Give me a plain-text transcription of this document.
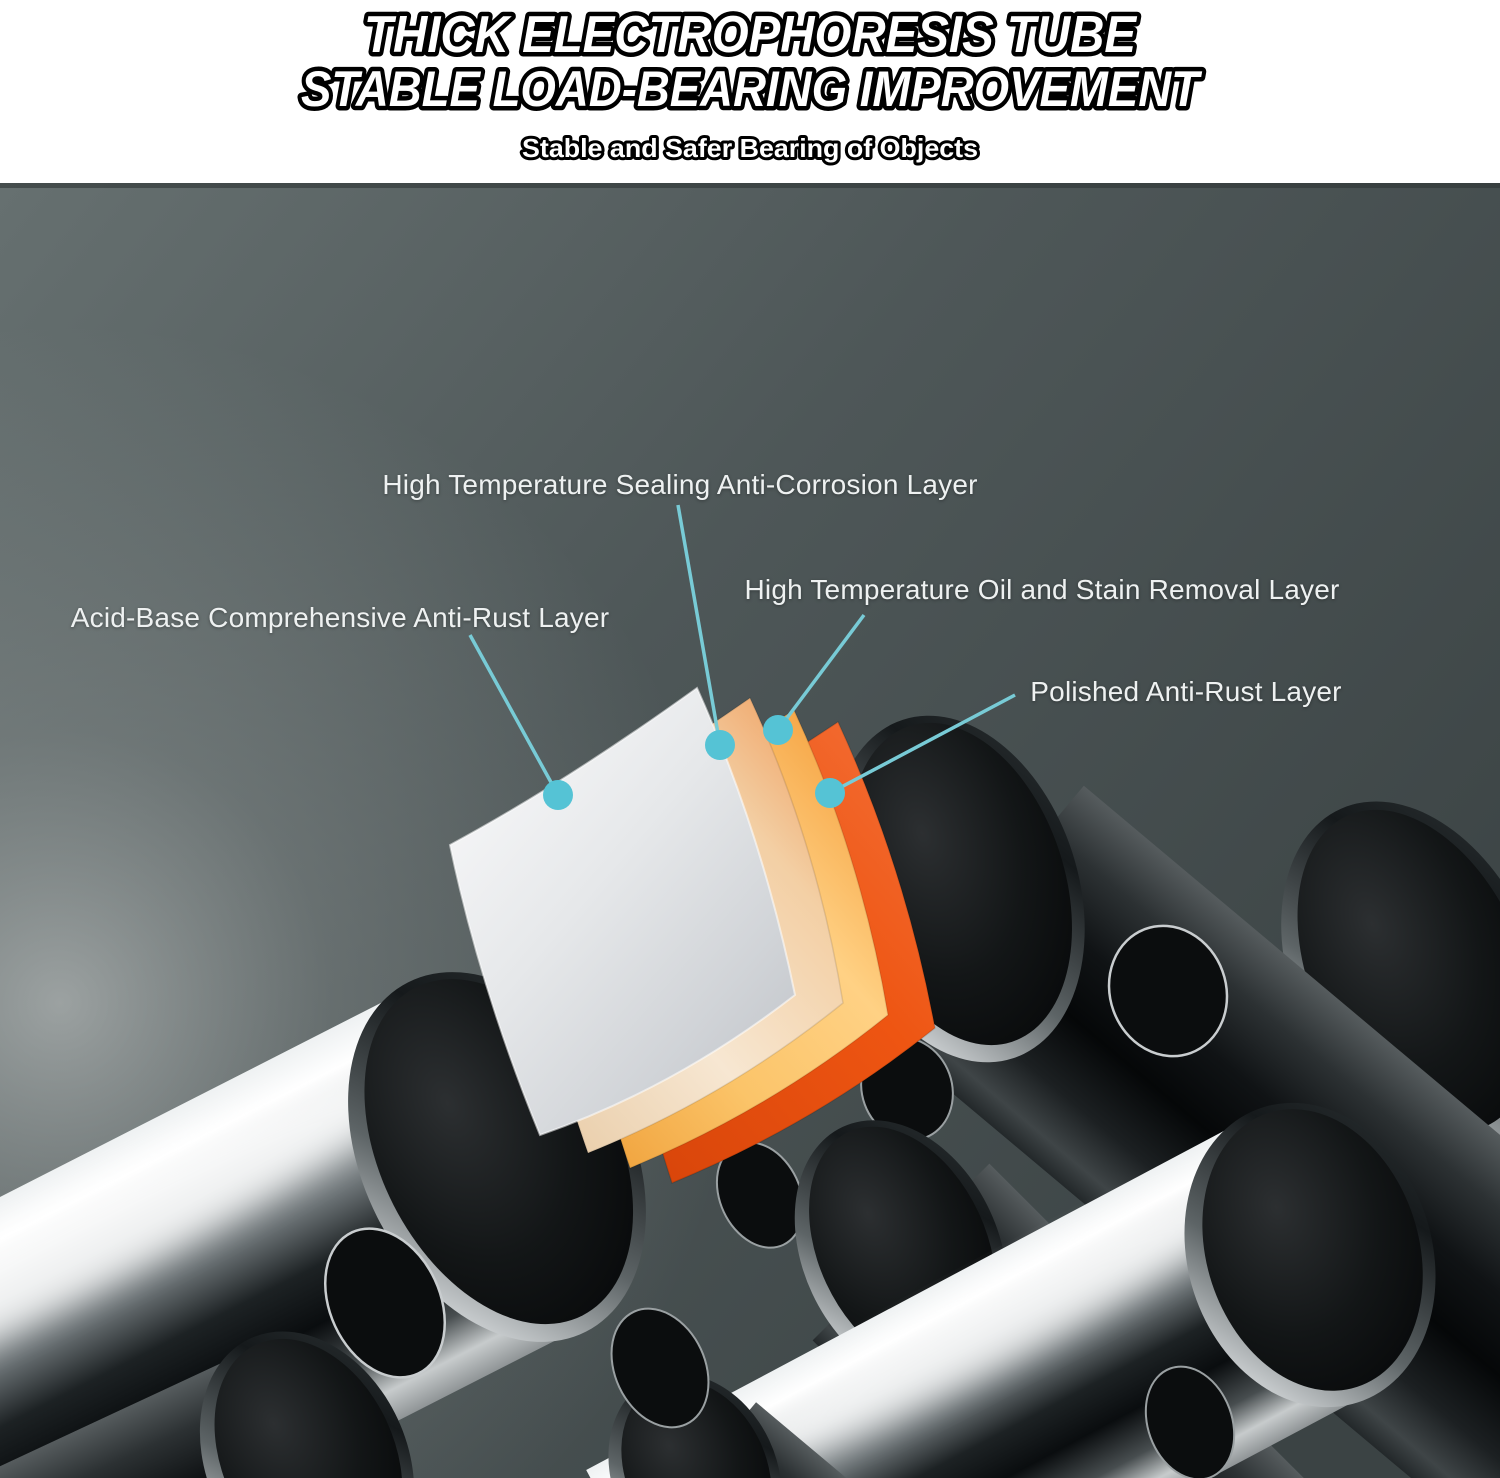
THICK ELECTROPHORESIS TUBE
STABLE LOAD-BEARING IMPROVEMENT
Stable and Safer Bearing of Objects
High Temperature Sealing Anti-Corrosion Layer
Acid-Base Comprehensive Anti-Rust Layer
High Temperature Oil and Stain Removal Layer
Polished Anti-Rust Layer
